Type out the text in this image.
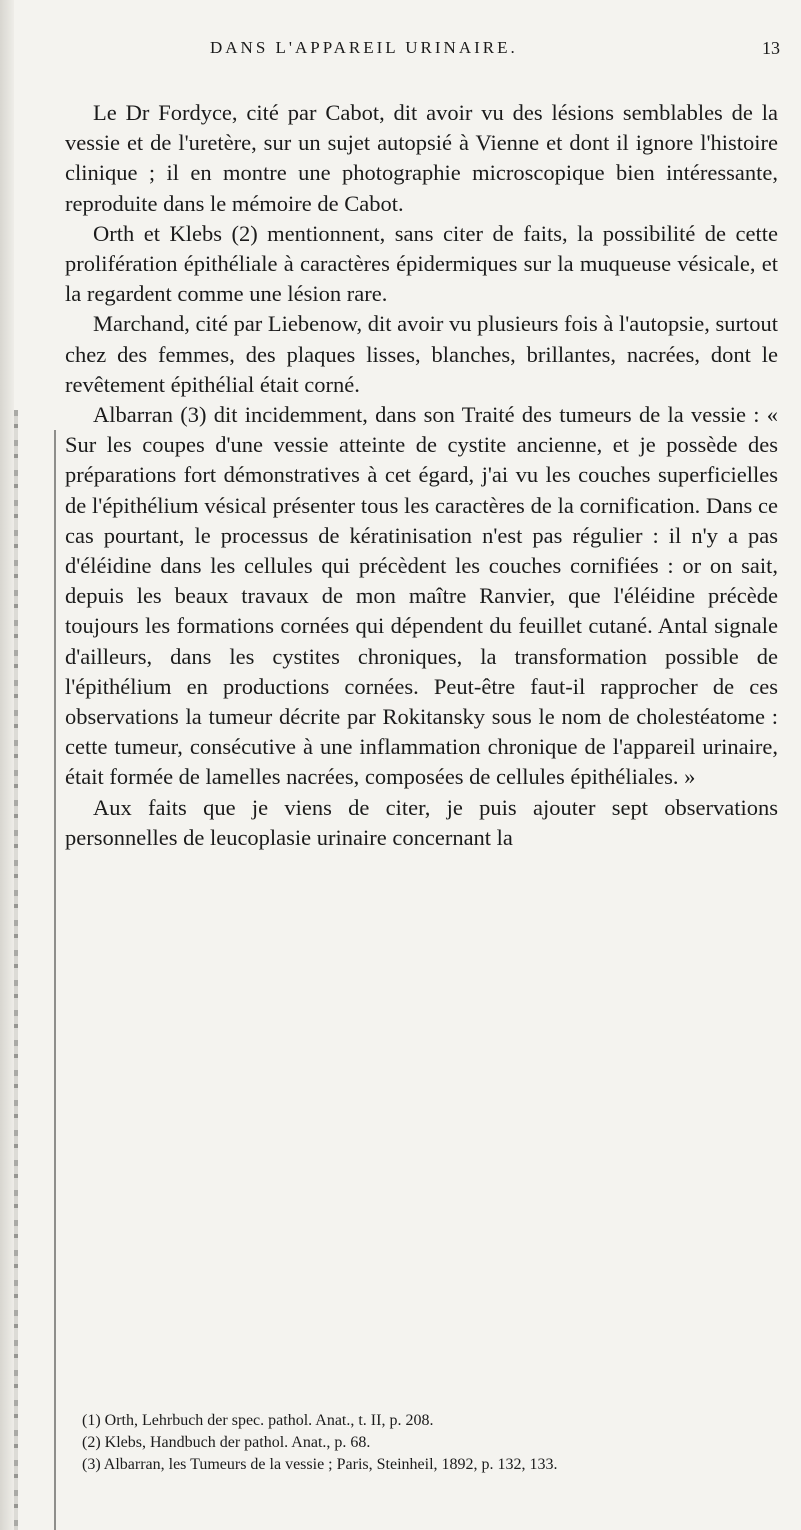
DANS L'APPAREIL URINAIRE.	13

Le Dr Fordyce, cité par Cabot, dit avoir vu des lésions semblables de la vessie et de l'uretère, sur un sujet autopsié à Vienne et dont il ignore l'histoire clinique ; il en montre une photographie microscopique bien intéressante, reproduite dans le mémoire de Cabot.

Orth et Klebs (2) mentionnent, sans citer de faits, la possibilité de cette prolifération épithéliale à caractères épidermiques sur la muqueuse vésicale, et la regardent comme une lésion rare.

Marchand, cité par Liebenow, dit avoir vu plusieurs fois à l'autopsie, surtout chez des femmes, des plaques lisses, blanches, brillantes, nacrées, dont le revêtement épithélial était corné.

Albarran (3) dit incidemment, dans son Traité des tumeurs de la vessie : « Sur les coupes d'une vessie atteinte de cystite ancienne, et je possède des préparations fort démonstratives à cet égard, j'ai vu les couches superficielles de l'épithélium vésical présenter tous les caractères de la cornification. Dans ce cas pourtant, le processus de kératinisation n'est pas régulier : il n'y a pas d'éléidine dans les cellules qui précèdent les couches cornifiées : or on sait, depuis les beaux travaux de mon maître Ranvier, que l'éléidine précède toujours les formations cornées qui dépendent du feuillet cutané. Antal signale d'ailleurs, dans les cystites chroniques, la transformation possible de l'épithélium en productions cornées. Peut-être faut-il rapprocher de ces observations la tumeur décrite par Rokitansky sous le nom de cholestéatome : cette tumeur, consécutive à une inflammation chronique de l'appareil urinaire, était formée de lamelles nacrées, composées de cellules épithéliales. »

Aux faits que je viens de citer, je puis ajouter sept observations personnelles de leucoplasie urinaire concernant la

(1) Orth, Lehrbuch der spec. pathol. Anat., t. II, p. 208.
(2) Klebs, Handbuch der pathol. Anat., p. 68.
(3) Albarran, les Tumeurs de la vessie ; Paris, Steinheil, 1892, p. 132, 133.
